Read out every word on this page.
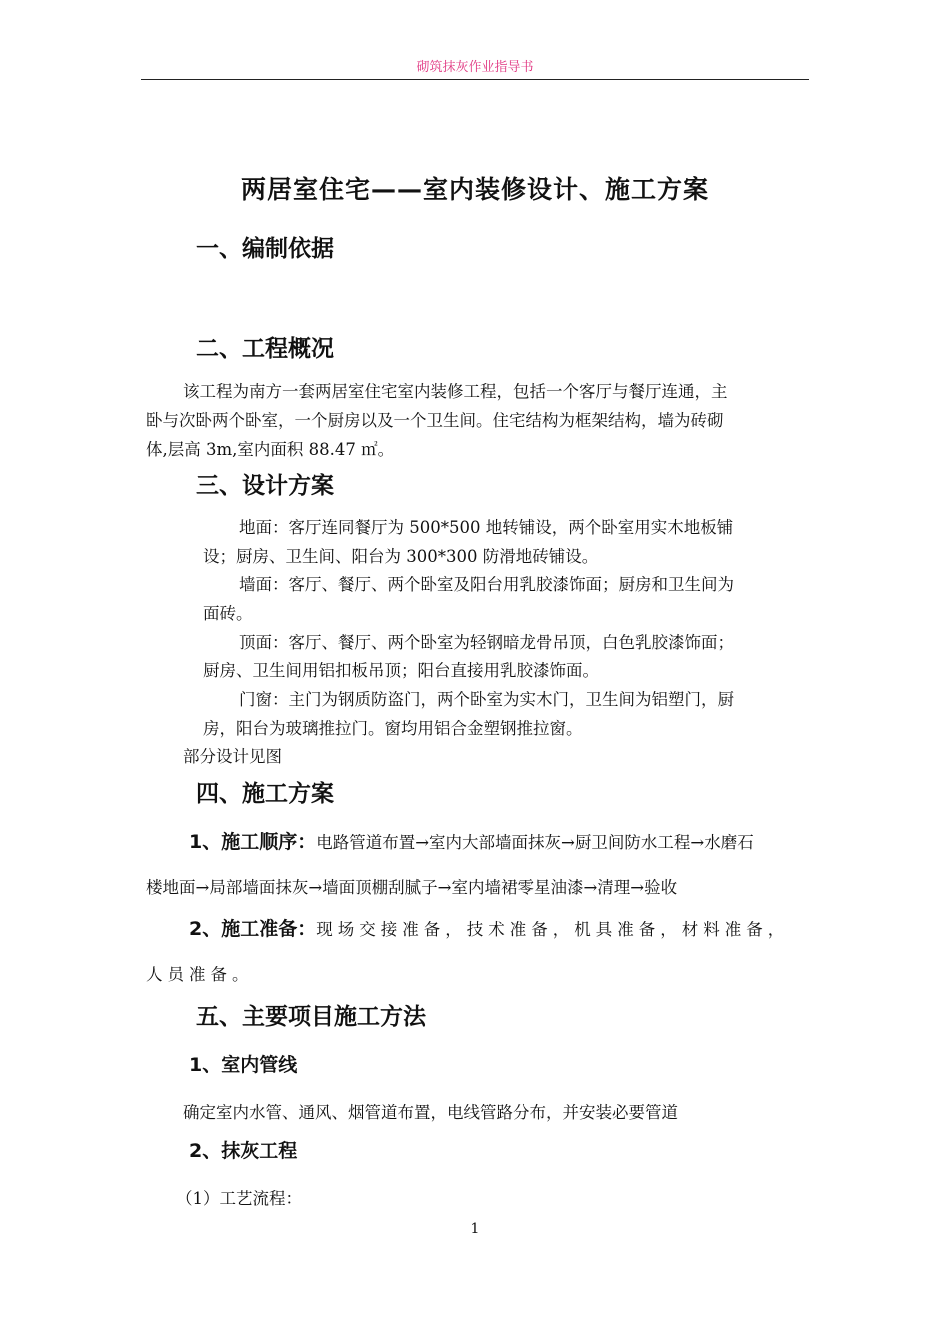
砌筑抹灰作业指导书
两居室住宅——室内装修设计、施工方案
一、编制依据
二、工程概况
该工程为南方一套两居室住宅室内装修工程，包括一个客厅与餐厅连通，主
卧与次卧两个卧室，一个厨房以及一个卫生间。住宅结构为框架结构，墙为砖砌
体,层高 3m,室内面积 88.47 ㎡。
三、设计方案
地面：客厅连同餐厅为 500*500 地转铺设，两个卧室用实木地板铺
设；厨房、卫生间、阳台为 300*300 防滑地砖铺设。
墙面：客厅、餐厅、两个卧室及阳台用乳胶漆饰面；厨房和卫生间为
面砖。
顶面：客厅、餐厅、两个卧室为轻钢暗龙骨吊顶，白色乳胶漆饰面；
厨房、卫生间用铝扣板吊顶；阳台直接用乳胶漆饰面。
门窗：主门为钢质防盗门，两个卧室为实木门，卫生间为铝塑门，厨
房，阳台为玻璃推拉门。窗均用铝合金塑钢推拉窗。
部分设计见图
四、施工方案
1、施工顺序：电路管道布置→室内大部墙面抹灰→厨卫间防水工程→水磨石
楼地面→局部墙面抹灰→墙面顶棚刮腻子→室内墙裙零星油漆→清理→验收
2、施工准备：现场交接准备，技术准备，机具准备，材料准备，
人员准备。
五、主要项目施工方法
1、室内管线
确定室内水管、通风、烟管道布置，电线管路分布，并安装必要管道
2、抹灰工程
（1）工艺流程：
1
